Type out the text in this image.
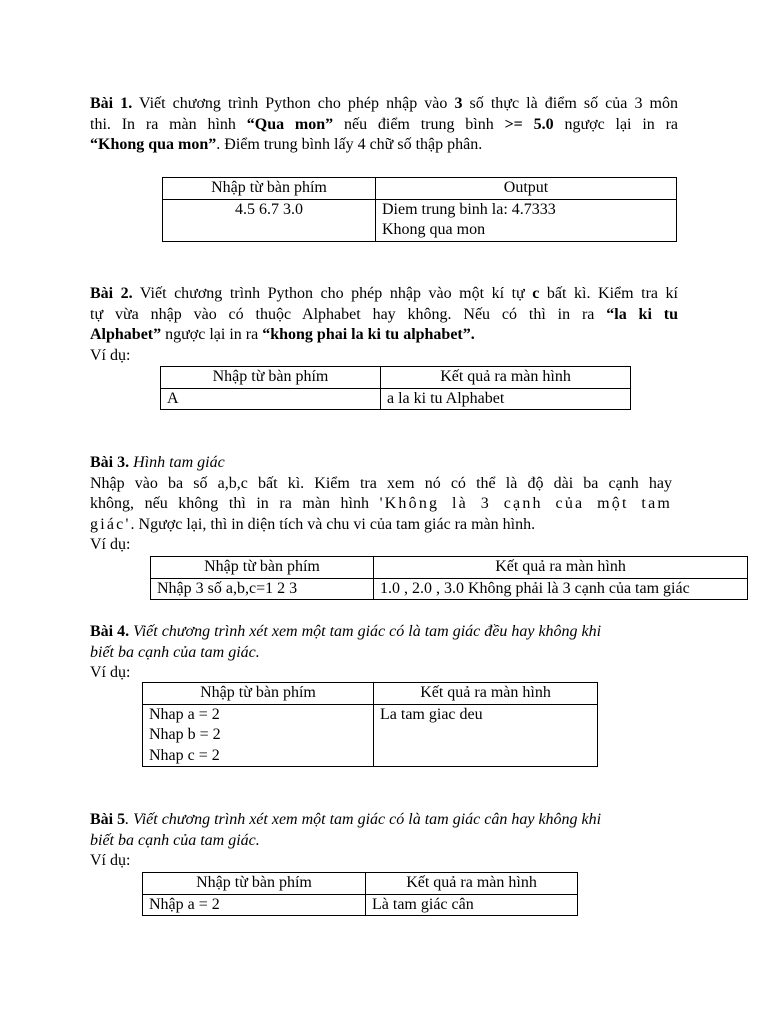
Bài 1. Viết chương trình Python cho phép nhập vào 3 số thực là điểm số của 3 môn
thi. In ra màn hình “Qua mon” nếu điểm trung bình >= 5.0 ngược lại in ra
“Khong qua mon”. Điểm trung bình lấy 4 chữ số thập phân.
Nhập từ bàn phím	Output
4.5 6.7 3.0	Diem trung binh la: 4.7333
Khong qua mon
Bài 2. Viết chương trình Python cho phép nhập vào một kí tự c bất kì. Kiểm tra kí
tự vừa nhập vào có thuộc Alphabet hay không. Nếu có thì in ra “la ki tu
Alphabet” ngược lại in ra “khong phai la ki tu alphabet”.
Ví dụ:
Nhập từ bàn phím	Kết quả ra màn hình
A	a la ki tu Alphabet
Bài 3. Hình tam giác
Nhập vào ba số a,b,c bất kì. Kiểm tra xem nó có thể là độ dài ba cạnh hay
không, nếu không thì in ra màn hình 'Không là 3 cạnh của một tam
giác'. Ngược lại, thì in diện tích và chu vi của tam giác ra màn hình.
Ví dụ:
Nhập từ bàn phím	Kết quả ra màn hình
Nhập 3 số a,b,c=1 2 3	1.0 , 2.0 , 3.0 Không phải là 3 cạnh của tam giác
Bài 4. Viết chương trình xét xem một tam giác có là tam giác đều hay không khi
biết ba cạnh của tam giác.
Ví dụ:
Nhập từ bàn phím	Kết quả ra màn hình

Nhap a = 2
Nhap b = 2
Nhap c = 2	La tam giac deu
Bài 5. Viết chương trình xét xem một tam giác có là tam giác cân hay không khi
biết ba cạnh của tam giác.
Ví dụ:
Nhập từ bàn phím	Kết quả ra màn hình
Nhập a = 2	Là tam giác cân
